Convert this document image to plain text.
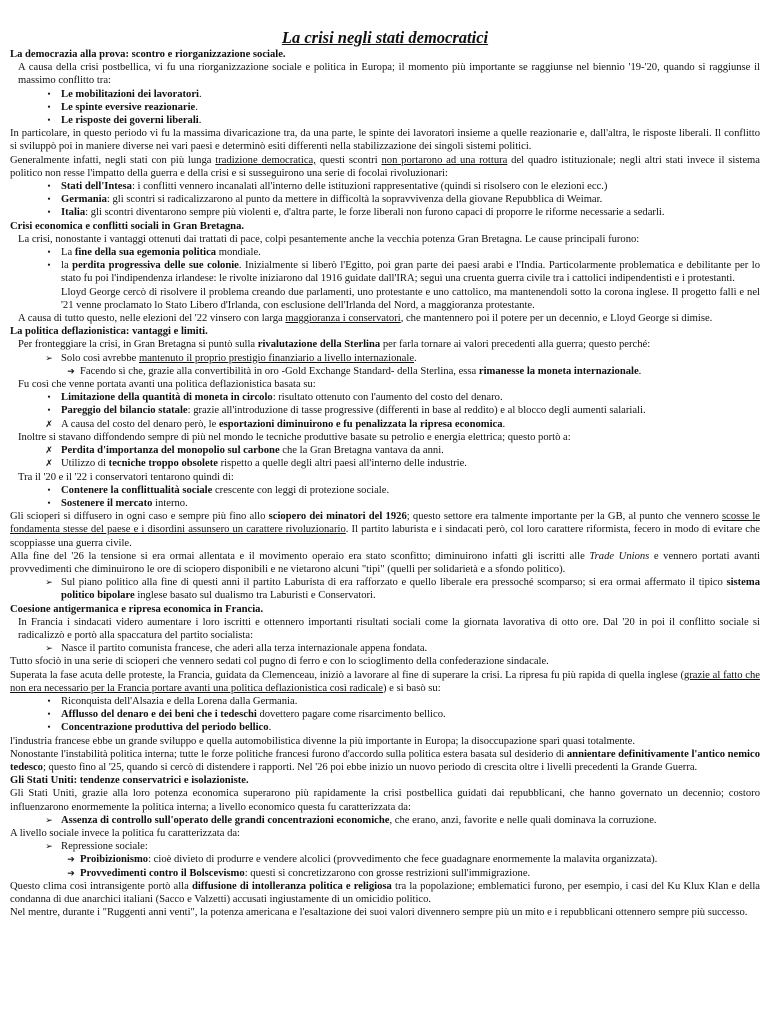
La crisi negli stati democratici
La democrazia alla prova: scontro e riorganizzazione sociale.
A causa della crisi postbellica, vi fu una riorganizzazione sociale e politica in Europa; il momento più importante se raggiunse nel biennio '19-'20, quando si raggiunse il massimo conflitto tra:
• Le mobilitazioni dei lavoratori.
• Le spinte eversive reazionarie.
• Le risposte dei governi liberali.
In particolare, in questo periodo vi fu la massima divaricazione tra, da una parte, le spinte dei lavoratori insieme a quelle reazionarie e, dall'altra, le risposte liberali. Il conflitto si sviluppò poi in maniere diverse nei vari paesi e determinò esiti differenti nella stabilizzazione dei singoli sistemi politici.
Generalmente infatti, negli stati con più lunga tradizione democratica, questi scontri non portarono ad una rottura del quadro istituzionale; negli altri stati invece il sistema politico non resse l'impatto della guerra e della crisi e si susseguirono una serie di focolai rivoluzionari:
• Stati dell'Intesa: i conflitti vennero incanalati all'interno delle istituzioni rappresentative (quindi si risolsero con le elezioni ecc.)
• Germania: gli scontri si radicalizzarono al punto da mettere in difficoltà la sopravvivenza della giovane Repubblica di Weimar.
• Italia: gli scontri diventarono sempre più violenti e, d'altra parte, le forze liberali non furono capaci di proporre le riforme necessarie a sedarli.
Crisi economica e conflitti sociali in Gran Bretagna.
La crisi, nonostante i vantaggi ottenuti dai trattati di pace, colpì pesantemente anche la vecchia potenza Gran Bretagna. Le cause principali furono:
• La fine della sua egemonia politica mondiale.
• la perdita progressiva delle sue colonie. Inizialmente si liberò l'Egitto, poi gran parte dei paesi arabi e l'India. Particolarmente problematica e debilitante per lo stato fu poi l'indipendenza irlandese: le rivolte iniziarono dal 1916 guidate dall'IRA; seguì una cruenta guerra civile tra i cattolici indipendentisti e i protestanti.
Lloyd George cercò di risolvere il problema creando due parlamenti, uno protestante e uno cattolico, ma mantenendoli sotto la corona inglese. Il progetto fallì e nel '21 venne proclamato lo Stato Libero d'Irlanda, con esclusione dell'Irlanda del Nord, a maggioranza protestante.
A causa di tutto questo, nelle elezioni del '22 vinsero con larga maggioranza i conservatori, che mantennero poi il potere per un decennio, e Lloyd George si dimise.
La politica deflazionistica: vantaggi e limiti.
Per fronteggiare la crisi, in Gran Bretagna si puntò sulla rivalutazione della Sterlina per farla tornare ai valori precedenti alla guerra; questo perché:
➢ Solo così avrebbe mantenuto il proprio prestigio finanziario a livello internazionale.
➔ Facendo sì che, grazie alla convertibilità in oro -Gold Exchange Standard- della Sterlina, essa rimanesse la moneta internazionale.
Fu così che venne portata avanti una politica deflazionistica basata su:
• Limitazione della quantità di moneta in circolo: risultato ottenuto con l'aumento del costo del denaro.
• Pareggio del bilancio statale: grazie all'introduzione di tasse progressive (differenti in base al reddito) e al blocco degli aumenti salariali.
✗ A causa del costo del denaro però, le esportazioni diminuirono e fu penalizzata la ripresa economica.
Inoltre si stavano diffondendo sempre di più nel mondo le tecniche produttive basate su petrolio e energia elettrica; questo portò a:
✗ Perdita d'importanza del monopolio sul carbone che la Gran Bretagna vantava da anni.
✗ Utilizzo di tecniche troppo obsolete rispetto a quelle degli altri paesi all'interno delle industrie.
Tra il '20 e il '22 i conservatori tentarono quindi di:
• Contenere la conflittualità sociale crescente con leggi di protezione sociale.
• Sostenere il mercato interno.
Gli scioperi si diffusero in ogni caso e sempre più fino allo sciopero dei minatori del 1926; questo settore era talmente importante per la GB, al punto che vennero scosse le fondamenta stesse del paese e i disordini assunsero un carattere rivoluzionario. Il partito laburista e i sindacati però, col loro carattere riformista, fecero in modo di evitare che scoppiasse una guerra civile.
Alla fine del '26 la tensione si era ormai allentata e il movimento operaio era stato sconfitto; diminuirono infatti gli iscritti alle Trade Unions e vennero portati avanti provvedimenti che diminuirono le ore di sciopero disponibili e ne vietarono alcuni "tipi" (quelli per solidarietà e a sfondo politico).
➢ Sul piano politico alla fine di questi anni il partito Laburista di era rafforzato e quello liberale era pressoché scomparso; si era ormai affermato il tipico sistema politico bipolare inglese basato sul dualismo tra Laburisti e Conservatori.
Coesione antigermanica e ripresa economica in Francia.
In Francia i sindacati videro aumentare i loro iscritti e ottennero importanti risultati sociali come la giornata lavorativa di otto ore. Dal '20 in poi il conflitto sociale si radicalizzò e portò alla spaccatura del partito socialista:
➢ Nasce il partito comunista francese, che aderì alla terza internazionale appena fondata.
Tutto sfociò in una serie di scioperi che vennero sedati col pugno di ferro e con lo scioglimento della confederazione sindacale.
Superata la fase acuta delle proteste, la Francia, guidata da Clemenceau, iniziò a lavorare al fine di superare la crisi. La ripresa fu più rapida di quella inglese (grazie al fatto che non era necessario per la Francia portare avanti una politica deflazionistica così radicale) e si basò su:
• Riconquista dell'Alsazia e della Lorena dalla Germania.
• Afflusso del denaro e dei beni che i tedeschi dovettero pagare come risarcimento bellico.
• Concentrazione produttiva del periodo bellico.
l'industria francese ebbe un grande sviluppo e quella automobilistica divenne la più importante in Europa; la disoccupazione sparì quasi totalmente.
Nonostante l'instabilità politica interna; tutte le forze politiche francesi furono d'accordo sulla politica estera basata sul desiderio di annientare definitivamente l'antico nemico tedesco; questo fino al '25, quando si cercò di distendere i rapporti. Nel '26 poi ebbe inizio un nuovo periodo di crescita oltre i livelli precedenti la Grande Guerra.
Gli Stati Uniti: tendenze conservatrici e isolazioniste.
Gli Stati Uniti, grazie alla loro potenza economica superarono più rapidamente la crisi postbellica guidati dai repubblicani, che hanno governato un decennio; costoro influenzarono enormemente la politica interna; a livello economico questa fu caratterizzata da:
➢ Assenza di controllo sull'operato delle grandi concentrazioni economiche, che erano, anzi, favorite e nelle quali dominava la corruzione.
A livello sociale invece la politica fu caratterizzata da:
➢ Repressione sociale:
➔ Proibizionismo: cioè divieto di produrre e vendere alcolici (provvedimento che fece guadagnare enormemente la malavita organizzata).
➔ Provvedimenti contro il Bolscevismo: questi si concretizzarono con grosse restrizioni sull'immigrazione.
Questo clima così intransigente portò alla diffusione di intolleranza politica e religiosa tra la popolazione; emblematici furono, per esempio, i casi del Ku Klux Klan e della condanna di due anarchici italiani (Sacco e Valzetti) accusati ingiustamente di un omicidio politico.
Nel mentre, durante i "Ruggenti anni venti", la potenza americana e l'esaltazione dei suoi valori divennero sempre più un mito e i repubblicani ottennero sempre più successo.
